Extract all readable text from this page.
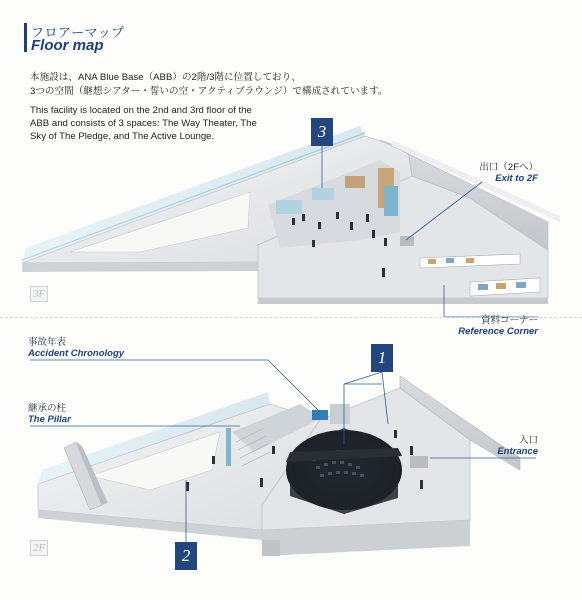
フロアーマップ
Floor map
本施設は、ANA Blue Base（ABB）の2階/3階に位置しており、
3つの空間（継想シアター・誓いの空・アクティブラウンジ）で構成されています。
This facility is located on the 2nd and 3rd floor of the
ABB and consists of 3 spaces: The Way Theater, The
Sky of The Pledge, and The Active Lounge.	3
3F
出口（2Fへ）
Exit to 2F
資料コーナー
Reference Corner
事故年表
Accident Chronology
継承の柱
The Pillar
入口
Entrance
1
2
2F
